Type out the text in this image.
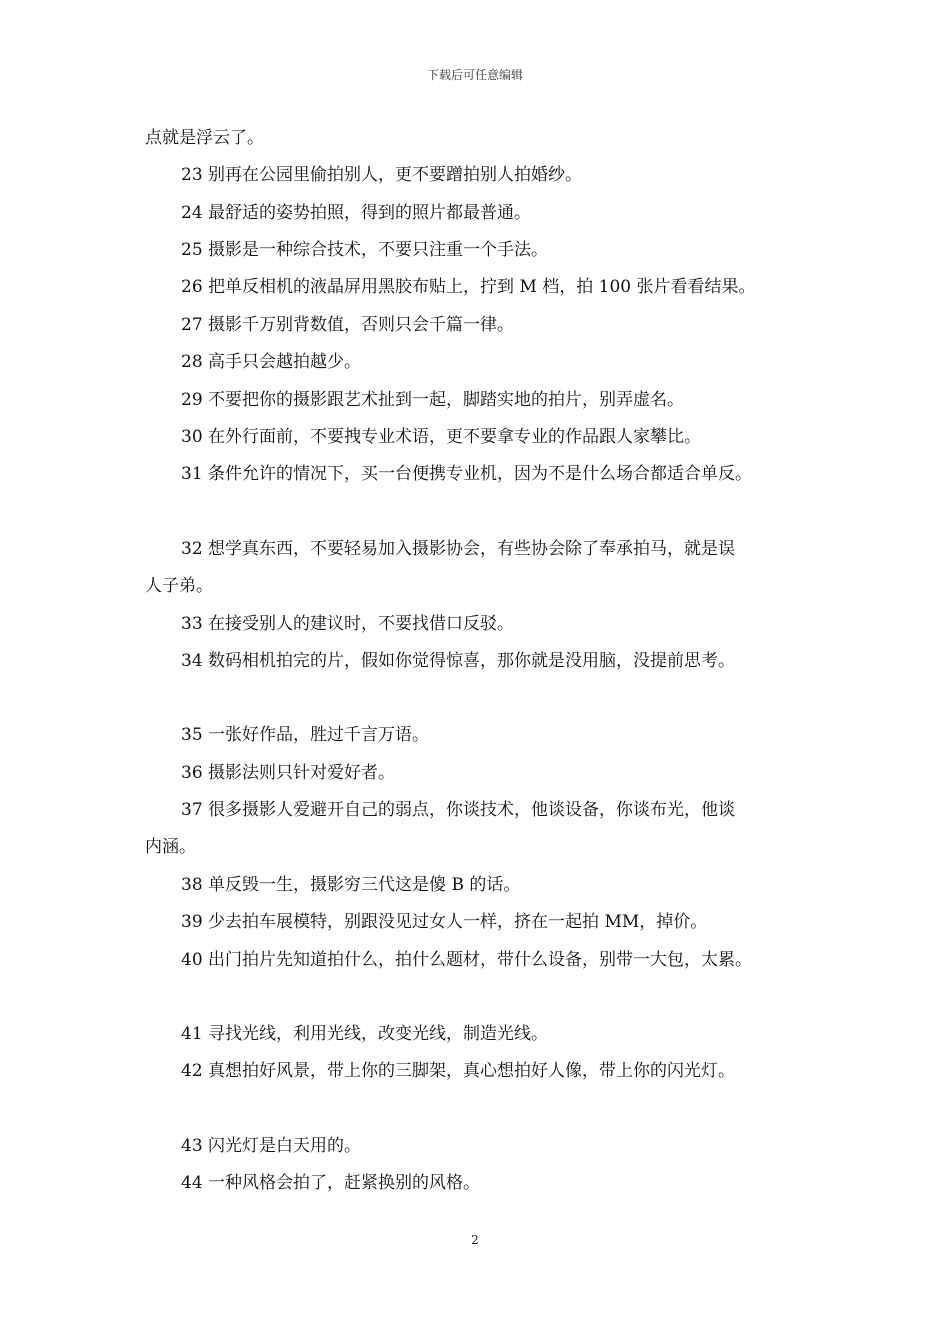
下载后可任意编辑
点就是浮云了。
23 别再在公园里偷拍别人，更不要蹭拍别人拍婚纱。
24 最舒适的姿势拍照，得到的照片都最普通。
25 摄影是一种综合技术，不要只注重一个手法。
26 把单反相机的液晶屏用黑胶布贴上，拧到 M 档，拍 100 张片看看结果。
27 摄影千万别背数值，否则只会千篇一律。
28 高手只会越拍越少。
29 不要把你的摄影跟艺术扯到一起，脚踏实地的拍片，别弄虚名。
30 在外行面前，不要拽专业术语，更不要拿专业的作品跟人家攀比。
31 条件允许的情况下，买一台便携专业机，因为不是什么场合都适合单反。
32 想学真东西，不要轻易加入摄影协会，有些协会除了奉承拍马，就是误
人子弟。
33 在接受别人的建议时，不要找借口反驳。
34 数码相机拍完的片，假如你觉得惊喜，那你就是没用脑，没提前思考。
35 一张好作品，胜过千言万语。
36 摄影法则只针对爱好者。
37 很多摄影人爱避开自己的弱点，你谈技术，他谈设备，你谈布光，他谈
内涵。
38 单反毁一生，摄影穷三代这是傻 B 的话。
39 少去拍车展模特，别跟没见过女人一样，挤在一起拍 MM，掉价。
40 出门拍片先知道拍什么，拍什么题材，带什么设备，别带一大包，太累。
41 寻找光线，利用光线，改变光线，制造光线。
42 真想拍好风景，带上你的三脚架，真心想拍好人像，带上你的闪光灯。
43 闪光灯是白天用的。
44 一种风格会拍了，赶紧换别的风格。
2
